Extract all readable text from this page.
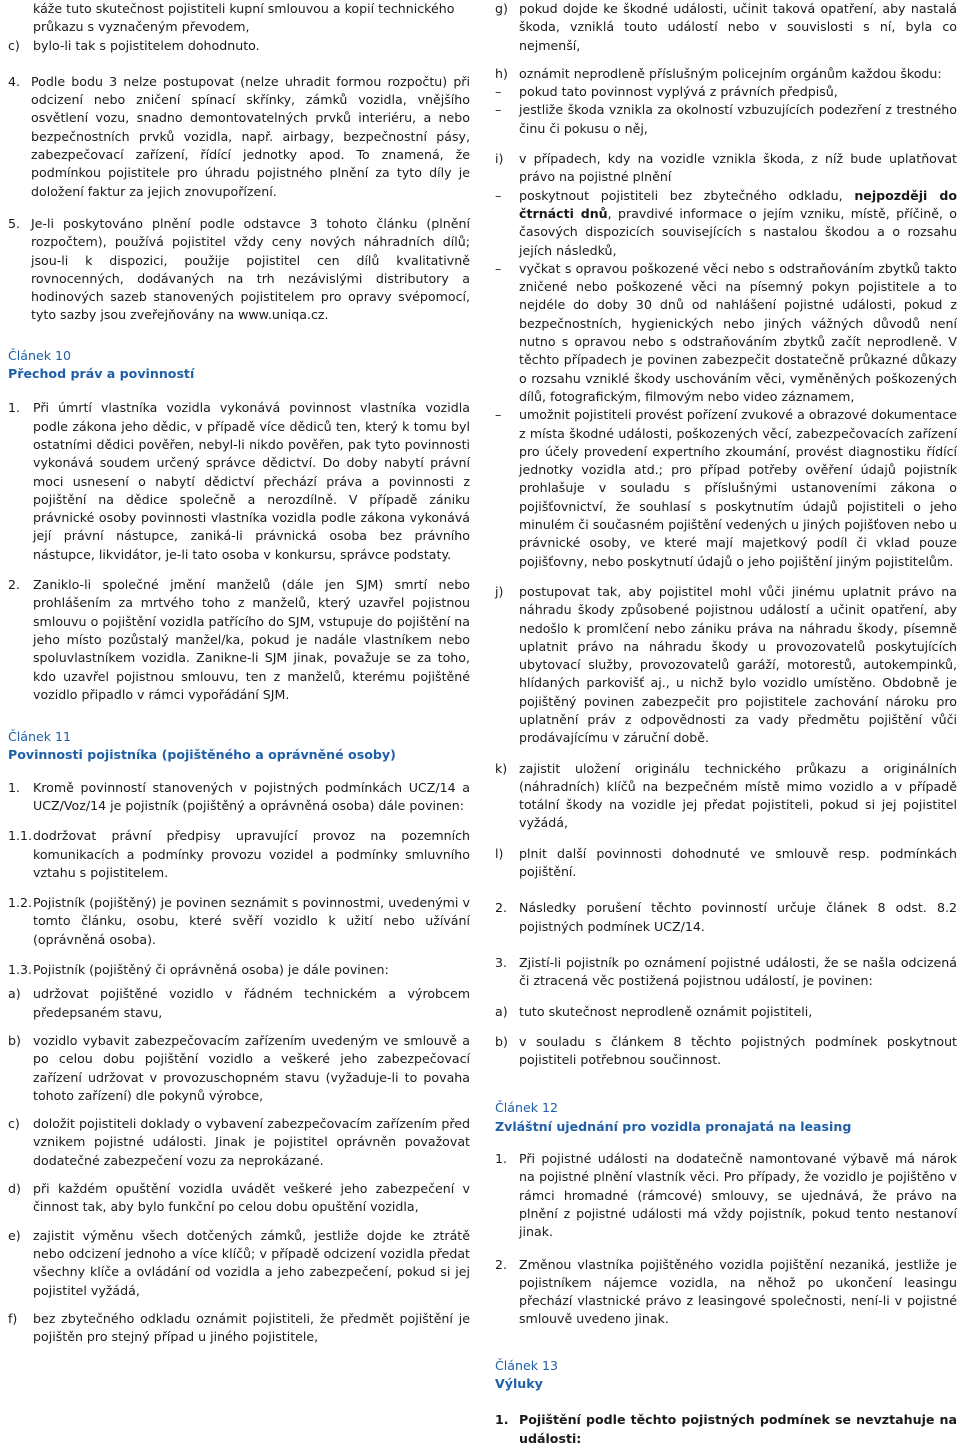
káže tuto skutečnost pojistiteli kupní smlouvou a kopií technického
průkazu s vyznačeným převodem,
c)	bylo-li tak s pojistitelem dohodnuto.
4. Podle bodu 3 nelze postupovat (nelze uhradit formou rozpočtu) při odcizení nebo zničení spínací skřínky, zámků vozidla, vnějšího osvětlení vozu, snadno demontovatelných prvků interiéru, a nebo bezpečnostních prvků vozidla, např. airbagy, bezpečnostní pásy, zabezpečovací zařízení, řídící jednotky apod. To znamená, že podmínkou pojistitele pro úhradu pojistného plnění za tyto díly je doložení faktur za jejich znovupořízení.
5. Je-li poskytováno plnění podle odstavce 3 tohoto článku (plnění rozpočtem), používá pojistitel vždy ceny nových náhradních dílů; jsou-li k dispozici, použije pojistitel cen dílů kvalitativně rovnocenných, dodávaných na trh nezávislými distributory a hodinových sazeb stanovených pojistitelem pro opravy svépomocí, tyto sazby jsou zveřejňovány na www.uniqa.cz.
Článek 10
Přechod práv a povinností
1.	Při úmrtí vlastníka vozidla vykonává povinnost vlastníka vozidla podle zákona jeho dědic, v případě více dědiců ten, který k tomu byl ostatními dědici pověřen, nebyl-li nikdo pověřen, pak tyto povinnosti vykonává soudem určený správce dědictví. Do doby nabytí právní moci usnesení o nabytí dědictví přechází práva a povinnosti z pojištění na dědice společně a nerozdílně. V případě zániku právnické osoby povinnosti vlastníka vozidla podle zákona vykonává její právní nástupce, zaniká-li právnická osoba bez právního nástupce, likvidátor, je-li tato osoba v konkursu, správce podstaty.
2.	Zaniklo-li společné jmění manželů (dále jen SJM) smrtí nebo prohlášením za mrtvého toho z manželů, který uzavřel pojistnou smlouvu o pojištění vozidla patřícího do SJM, vstupuje do pojištění na jeho místo pozůstalý manžel/ka, pokud je nadále vlastníkem nebo spoluvlastníkem vozidla. Zanikne-li SJM jinak, považuje se za toho, kdo uzavřel pojistnou smlouvu, ten z manželů, kterému pojištěné vozidlo připadlo v rámci vypořádání SJM.
Článek 11
Povinnosti pojistníka (pojištěného a oprávněné osoby)
1.	Kromě povinností stanovených v pojistných podmínkách UCZ/14 a UCZ/Voz/14 je pojistník (pojištěný a oprávněná osoba) dále povinen:
1.1. dodržovat právní předpisy upravující provoz na pozemních komunikacích a podmínky provozu vozidel a podmínky smluvního vztahu s pojistitelem.
1.2. Pojistník (pojištěný) je povinen seznámit s povinnostmi, uvedenými v tomto článku, osobu, které svěří vozidlo k užití nebo užívání (oprávněná osoba).
1.3. Pojistník (pojištěný či oprávněná osoba) je dále povinen:
a) udržovat pojištěné vozidlo v řádném technickém a výrobcem předepsaném stavu,
b) vozidlo vybavit zabezpečovacím zařízením uvedeným ve smlouvě a po celou dobu pojištění vozidlo a veškeré jeho zabezpečovací zařízení udržovat v provozuschopném stavu (vyžaduje-li to povaha tohoto zařízení) dle pokynů výrobce,
c)	doložit pojistiteli doklady o vybavení zabezpečovacím zařízením před vznikem pojistné události. Jinak je pojistitel oprávněn považovat dodatečné zabezpečení vozu za neprokázané.
d) při každém opuštění vozidla uvádět veškeré jeho zabezpečení v činnost tak, aby bylo funkční po celou dobu opuštění vozidla,
e) zajistit výměnu všech dotčených zámků, jestliže dojde ke ztrátě nebo odcizení jednoho a více klíčů; v případě odcizení vozidla předat všechny klíče a ovládání od vozidla a jeho zabezpečení, pokud si jej pojistitel vyžádá,
f)	bez zbytečného odkladu oznámit pojistiteli, že předmět pojištění je pojištěn pro stejný případ u jiného pojistitele,
g) pokud dojde ke škodné události, učinit taková opatření, aby nastalá škoda, vzniklá touto událostí nebo v souvislosti s ní, byla co nejmenší,
h) oznámit neprodleně příslušným policejním orgánům každou škodu:
–	pokud tato povinnost vyplývá z právních předpisů,
–	jestliže škoda vznikla za okolností vzbuzujících podezření z trestného činu či pokusu o něj,
i)	v případech, kdy na vozidle vznikla škoda, z níž bude uplatňovat právo na pojistné plnění
–	poskytnout pojistiteli bez zbytečného odkladu, nejpozději do čtrnácti dnů, pravdivé informace o jejím vzniku, místě, příčině, o časových dispozicích souvisejících s nastalou škodou a o rozsahu jejích následků,
–	vyčkat s opravou poškozené věci nebo s odstraňováním zbytků takto zničené nebo poškozené věci na písemný pokyn pojistitele a to nejdéle do doby 30 dnů od nahlášení pojistné události, pokud z bezpečnostních, hygienických nebo jiných vážných důvodů není nutno s opravou nebo s odstraňováním zbytků začít neprodleně. V těchto případech je povinen zabezpečit dostatečně průkazné důkazy o rozsahu vzniklé škody uschováním věci, vyměněných poškozených dílů, fotografickým, filmovým nebo video záznamem,
–	umožnit pojistiteli provést pořízení zvukové a obrazové dokumentace z místa škodné události, poškozených věcí, zabezpečovacích zařízení pro účely provedení expertního zkoumání, provést diagnostiku řídící jednotky vozidla atd.; pro případ potřeby ověření údajů pojistník prohlašuje v souladu s příslušnými ustanoveními zákona o pojišťovnictví, že souhlasí s poskytnutím údajů pojistiteli o jeho minulém či současném pojištění vedených u jiných pojišťoven nebo u právnické osoby, ve které mají majetkový podíl či vklad pouze pojišťovny, nebo poskytnutí údajů o jeho pojištění jiným pojistitelům.
j)	postupovat tak, aby pojistitel mohl vůči jinému uplatnit právo na náhradu škody způsobené pojistnou událostí a učinit opatření, aby nedošlo k promlčení nebo zániku práva na náhradu škody, písemně uplatnit právo na náhradu škody u provozovatelů poskytujících ubytovací služby, provozovatelů garáží, motorestů, autokempinků, hlídaných parkovišť aj., u nichž bylo vozidlo umístěno. Obdobně je pojištěný povinen zabezpečit pro pojistitele zachování nároku pro uplatnění práv z odpovědnosti za vady předmětu pojištění vůči prodávajícímu v záruční době.
k) zajistit uložení originálu technického průkazu a originálních (náhradních) klíčů na bezpečném místě mimo vozidlo a v případě totální škody na vozidle jej předat pojistiteli, pokud si jej pojistitel vyžádá,
l)	plnit další povinnosti dohodnuté ve smlouvě resp. podmínkách pojištění.
2. Následky porušení těchto povinností určuje článek 8 odst. 8.2 pojistných podmínek UCZ/14.
3. Zjistí-li pojistník po oznámení pojistné události, že se našla odcizená či ztracená věc postižená pojistnou událostí, je povinen:
a) tuto skutečnost neprodleně oznámit pojistiteli,
b) v souladu s článkem 8 těchto pojistných podmínek poskytnout pojistiteli potřebnou součinnost.
Článek 12
Zvláštní ujednání pro vozidla pronajatá na leasing
1. Při pojistné události na dodatečně namontované výbavě má nárok na pojistné plnění vlastník věci. Pro případy, že vozidlo je pojištěno v rámci hromadné (rámcové) smlouvy, se ujednává, že právo na plnění z pojistné události má vždy pojistník, pokud tento nestanoví jinak.
2. Změnou vlastníka pojištěného vozidla pojištění nezaniká, jestliže je pojistníkem nájemce vozidla, na něhož po ukončení leasingu přechází vlastnické právo z leasingové společnosti, není-li v pojistné smlouvě uvedeno jinak.
Článek 13
Výluky
1. Pojištění podle těchto pojistných podmínek se nevztahuje na události:
